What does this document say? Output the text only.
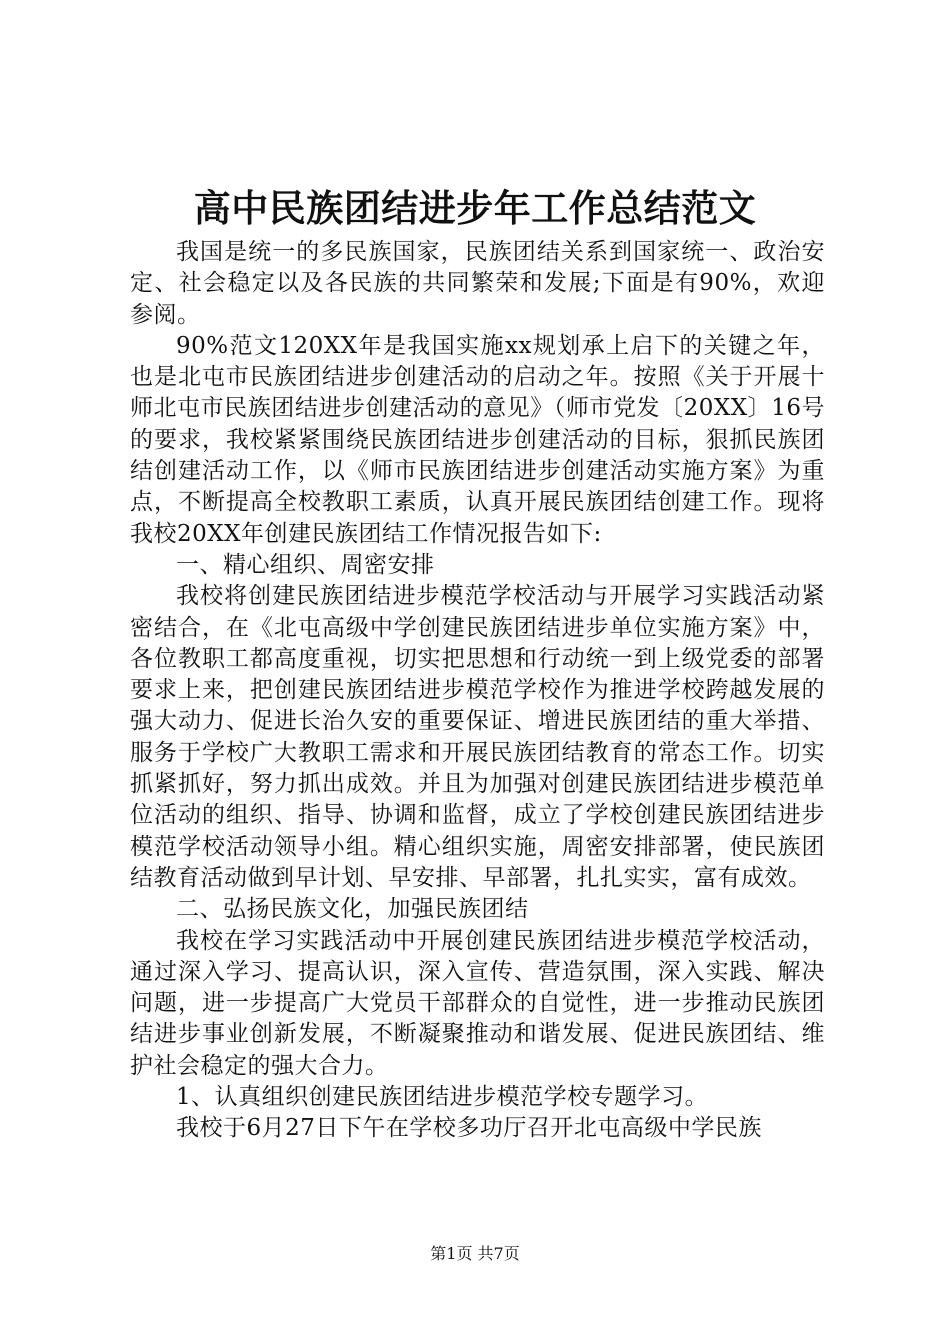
高中民族团结进步年工作总结范文

我国是统一的多民族国家，民族团结关系到国家统一、政治安定、社会稳定以及各民族的共同繁荣和发展;下面是有90%，欢迎参阅。

90%范文120XX年是我国实施xx规划承上启下的关键之年，也是北屯市民族团结进步创建活动的启动之年。按照《关于开展十师北屯市民族团结进步创建活动的意见》（师市党发〔20XX〕16号的要求，我校紧紧围绕民族团结进步创建活动的目标，狠抓民族团结创建活动工作，以《师市民族团结进步创建活动实施方案》为重点，不断提高全校教职工素质，认真开展民族团结创建工作。现将我校20XX年创建民族团结工作情况报告如下:

一、精心组织、周密安排

我校将创建民族团结进步模范学校活动与开展学习实践活动紧密结合，在《北屯高级中学创建民族团结进步单位实施方案》中，各位教职工都高度重视，切实把思想和行动统一到上级党委的部署要求上来，把创建民族团结进步模范学校作为推进学校跨越发展的强大动力、促进长治久安的重要保证、增进民族团结的重大举措、服务于学校广大教职工需求和开展民族团结教育的常态工作。切实抓紧抓好，努力抓出成效。并且为加强对创建民族团结进步模范单位活动的组织、指导、协调和监督，成立了学校创建民族团结进步模范学校活动领导小组。精心组织实施，周密安排部署，使民族团结教育活动做到早计划、早安排、早部署，扎扎实实，富有成效。

二、弘扬民族文化，加强民族团结

我校在学习实践活动中开展创建民族团结进步模范学校活动，通过深入学习、提高认识，深入宣传、营造氛围，深入实践、解决问题，进一步提高广大党员干部群众的自觉性，进一步推动民族团结进步事业创新发展，不断凝聚推动和谐发展、促进民族团结、维护社会稳定的强大合力。

1、认真组织创建民族团结进步模范学校专题学习。

我校于6月27日下午在学校多功厅召开北屯高级中学民族

第1页 共7页
